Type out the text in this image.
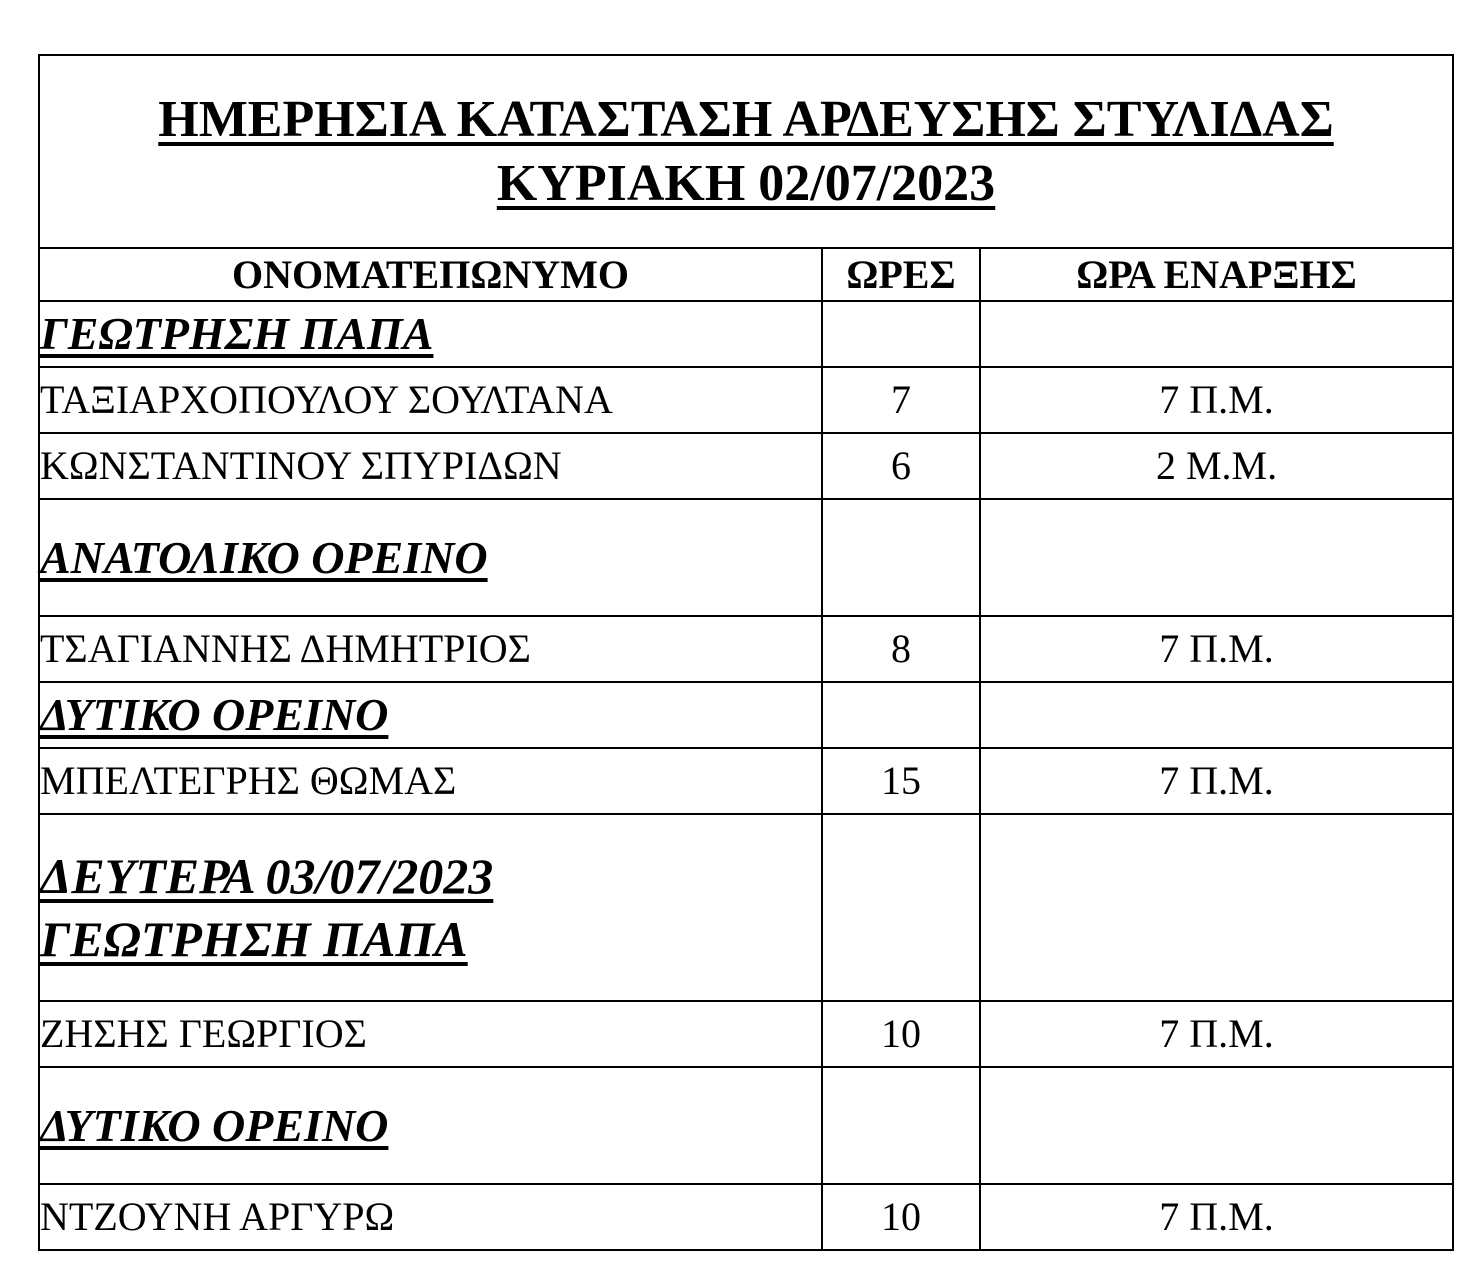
ΗΜΕΡΗΣΙΑ ΚΑΤΑΣΤΑΣΗ ΑΡΔΕΥΣΗΣ ΣΤΥΛΙΔΑΣ
ΚΥΡΙΑΚΗ 02/07/2023		
ΟΝΟΜΑΤΕΠΩΝΥΜΟ	ΩΡΕΣ	ΩΡΑ ΕΝΑΡΞΗΣ

ΓΕΩΤΡΗΣΗ ΠΑΠΑ		

ΤΑΞΙΑΡΧΟΠΟΥΛΟΥ ΣΟΥΛΤΑΝΑ	7	7 Π.Μ.
ΚΩΝΣΤΑΝΤΙΝΟΥ ΣΠΥΡΙΔΩΝ	6	2 Μ.Μ.

ΑΝΑΤΟΛΙΚΟ ΟΡΕΙΝΟ		

ΤΣΑΓΙΑΝΝΗΣ ΔΗΜΗΤΡΙΟΣ	8	7 Π.Μ.

ΔΥΤΙΚΟ ΟΡΕΙΝΟ		

ΜΠΕΛΤΕΓΡΗΣ ΘΩΜΑΣ	15	7 Π.Μ.

ΔΕΥΤΕΡΑ 03/07/2023
ΓΕΩΤΡΗΣΗ ΠΑΠΑ		

ΖΗΣΗΣ ΓΕΩΡΓΙΟΣ	10	7 Π.Μ.

ΔΥΤΙΚΟ ΟΡΕΙΝΟ		

ΝΤΖΟΥΝΗ ΑΡΓΥΡΩ	10	7 Π.Μ.
